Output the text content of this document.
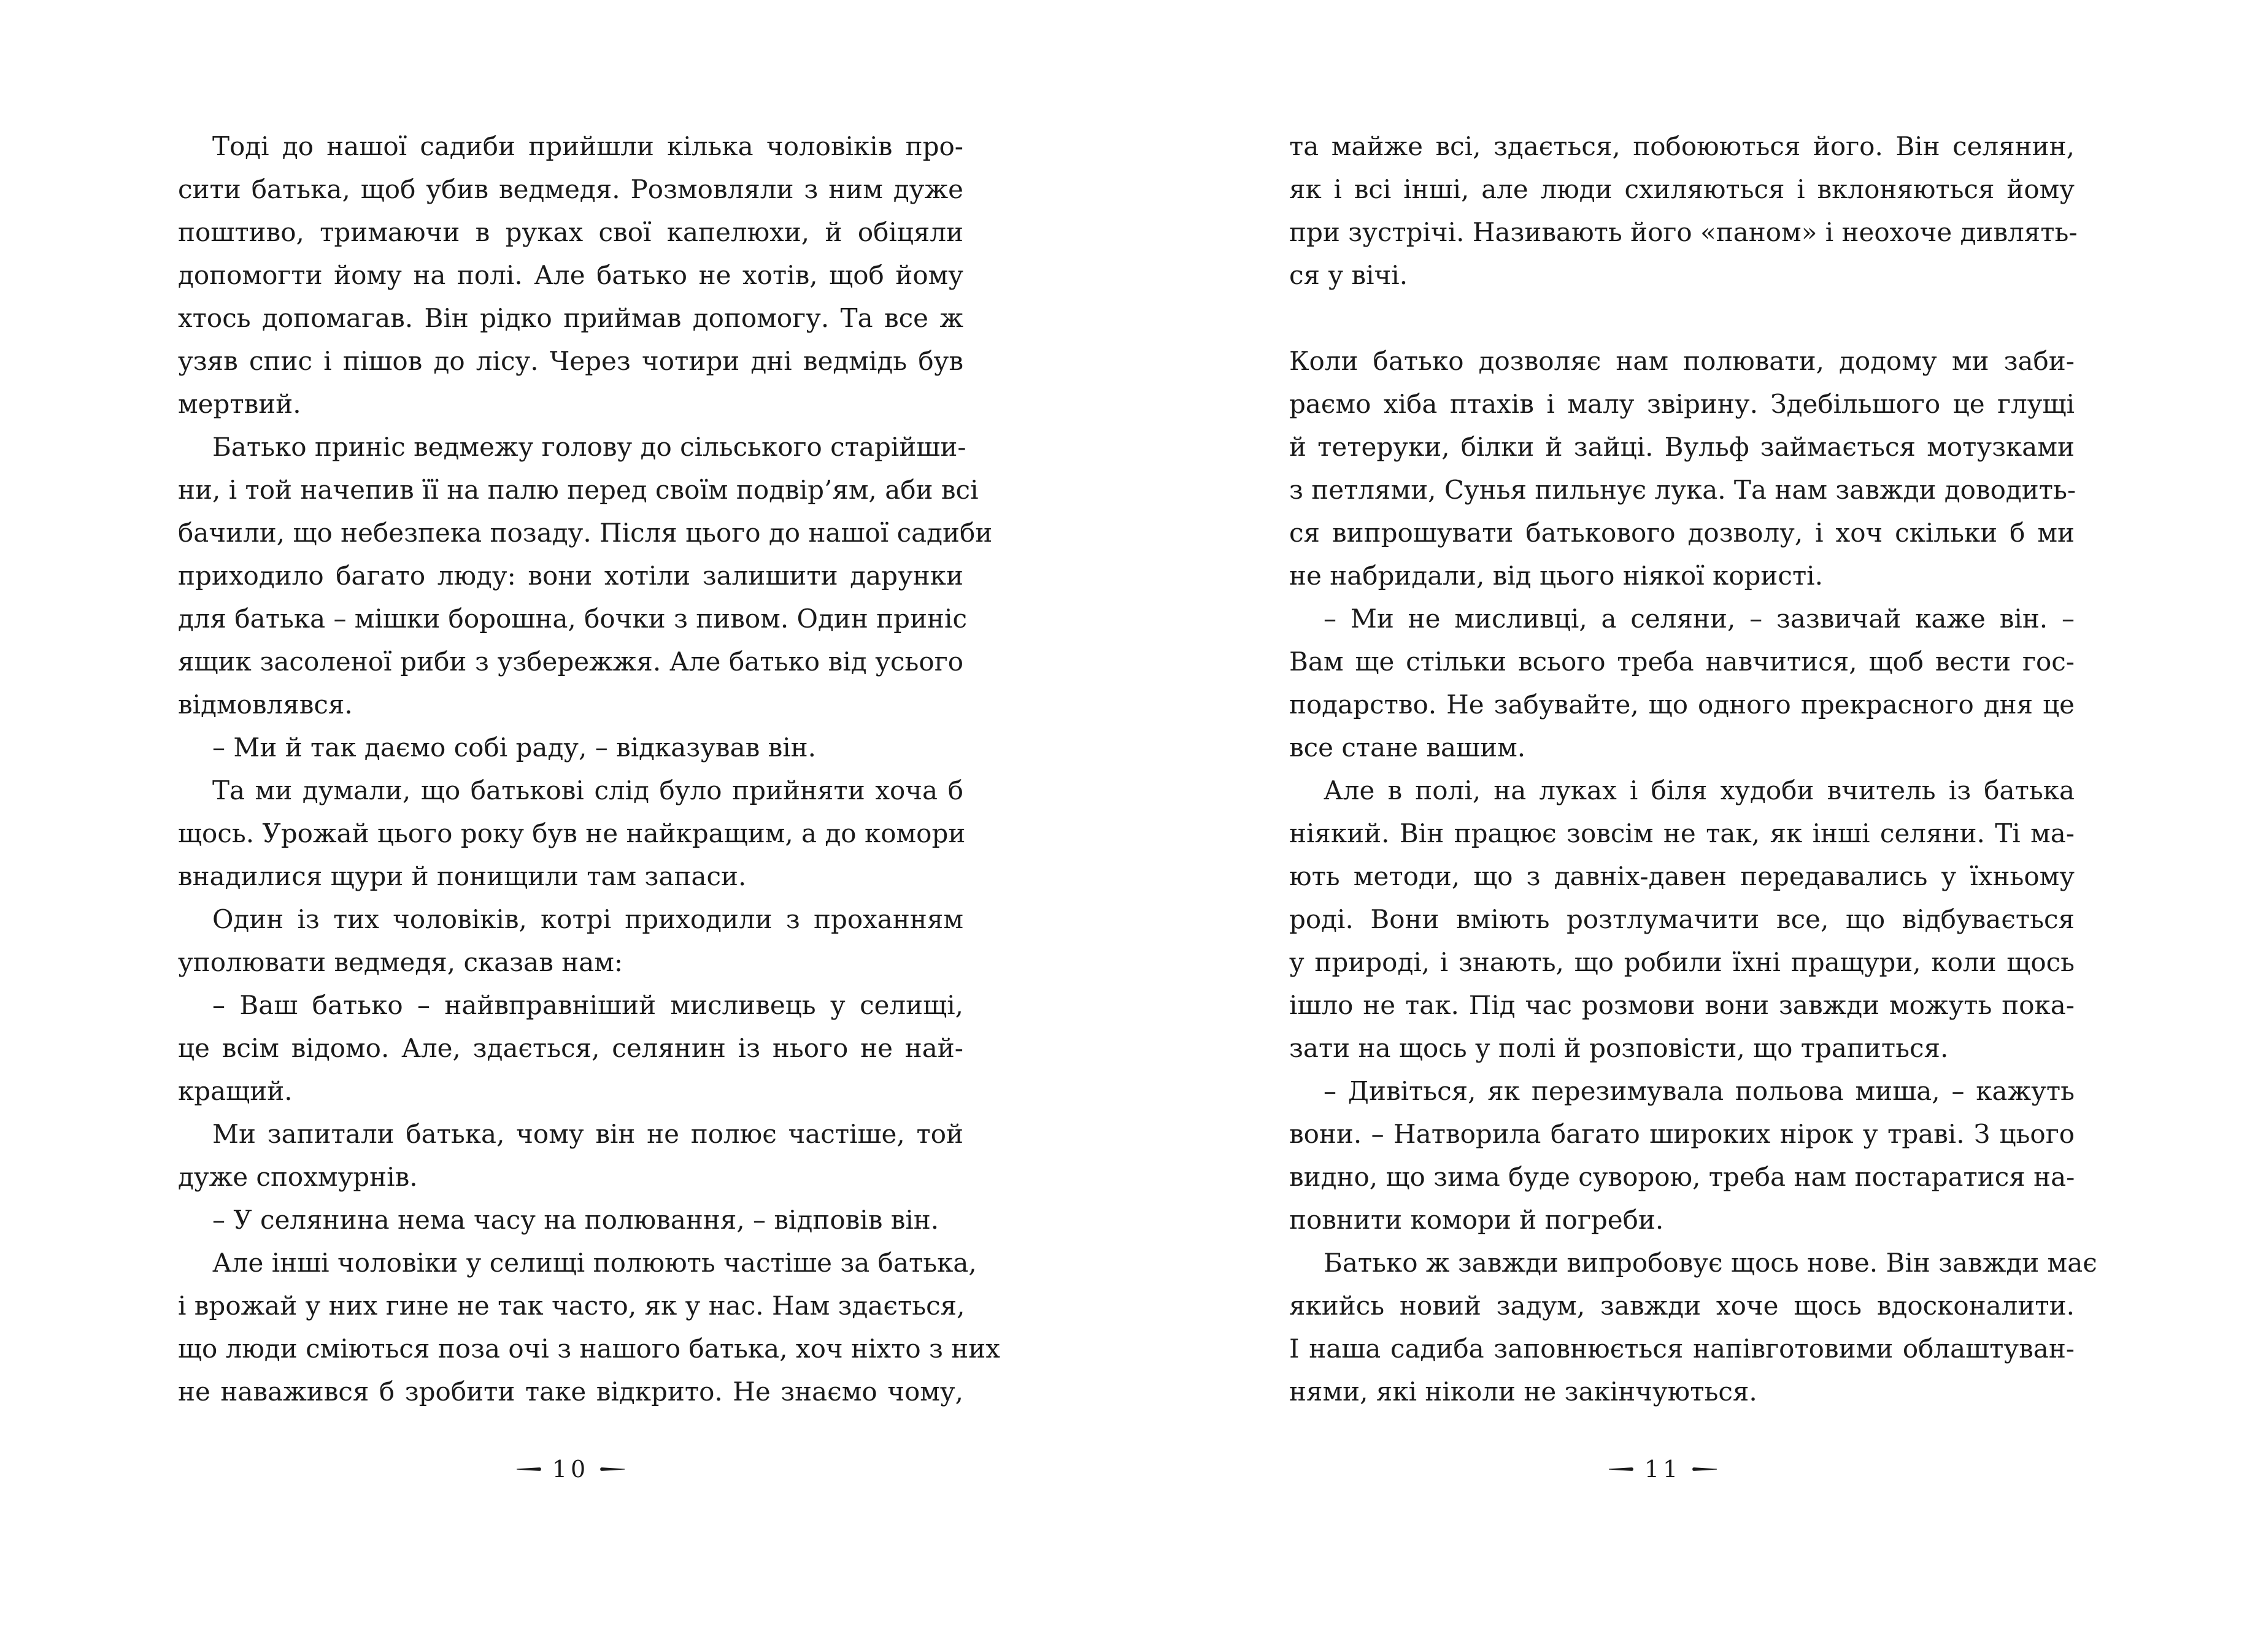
Тоді до нашої садиби прийшли кілька чоловіків про-
сити батька, щоб убив ведмедя. Розмовляли з ним дуже
поштиво, тримаючи в руках свої капелюхи, й обіцяли
допомогти йому на полі. Але батько не хотів, щоб йому
хтось допомагав. Він рідко приймав допомогу. Та все ж
узяв спис і пішов до лісу. Через чотири дні ведмідь був
мертвий.
Батько приніс ведмежу голову до сільського старійши-
ни, і той начепив її на палю перед своїм подвір’ям, аби всі
бачили, що небезпека позаду. Після цього до нашої садиби
приходило багато люду: вони хотіли залишити дарунки
для батька – мішки борошна, бочки з пивом. Один приніс
ящик засоленої риби з узбережжя. Але батько від усього
відмовлявся.
– Ми й так даємо собі раду, – відказував він.
Та ми думали, що батькові слід було прийняти хоча б
щось. Урожай цього року був не найкращим, а до комори
внадилися щури й понищили там запаси.
Один із тих чоловіків, котрі приходили з проханням
уполювати ведмедя, сказав нам:
– Ваш батько – найвправніший мисливець у селищі,
це всім відомо. Але, здається, селянин із нього не най-
кращий.
Ми запитали батька, чому він не полює частіше, той
дуже спохмурнів.
– У селянина нема часу на полювання, – відповів він.
Але інші чоловіки у селищі полюють частіше за батька,
і врожай у них гине не так часто, як у нас. Нам здається,
що люди сміються поза очі з нашого батька, хоч ніхто з них
не наважився б зробити таке відкрито. Не знаємо чому,
10
та майже всі, здається, побоюються його. Він селянин,
як і всі інші, але люди схиляються і вклоняються йому
при зустрічі. Називають його «паном» і неохоче дивлять-
ся у вічі.
Коли батько дозволяє нам полювати, додому ми заби-
раємо хіба птахів і малу звірину. Здебільшого це глущі
й тетеруки, білки й зайці. Вульф займається мотузками
з петлями, Сунья пильнує лука. Та нам завжди доводить-
ся випрошувати батькового дозволу, і хоч скільки б ми
не набридали, від цього ніякої користі.
– Ми не мисливці, а селяни, – зазвичай каже він. –
Вам ще стільки всього треба навчитися, щоб вести гос-
подарство. Не забувайте, що одного прекрасного дня це
все стане вашим.
Але в полі, на луках і біля худоби вчитель із батька
ніякий. Він працює зовсім не так, як інші селяни. Ті ма-
ють методи, що з давніх-давен передавались у їхньому
роді. Вони вміють розтлумачити все, що відбувається
у природі, і знають, що робили їхні пращури, коли щось
ішло не так. Під час розмови вони завжди можуть пока-
зати на щось у полі й розповісти, що трапиться.
– Дивіться, як перезимувала польова миша, – кажуть
вони. – Натворила багато широких нірок у траві. З цього
видно, що зима буде суворою, треба нам постаратися на-
повнити комори й погреби.
Батько ж завжди випробовує щось нове. Він завжди має
якийсь новий задум, завжди хоче щось вдосконалити.
І наша садиба заповнюється напівготовими облаштуван-
нями, які ніколи не закінчуються.
11
